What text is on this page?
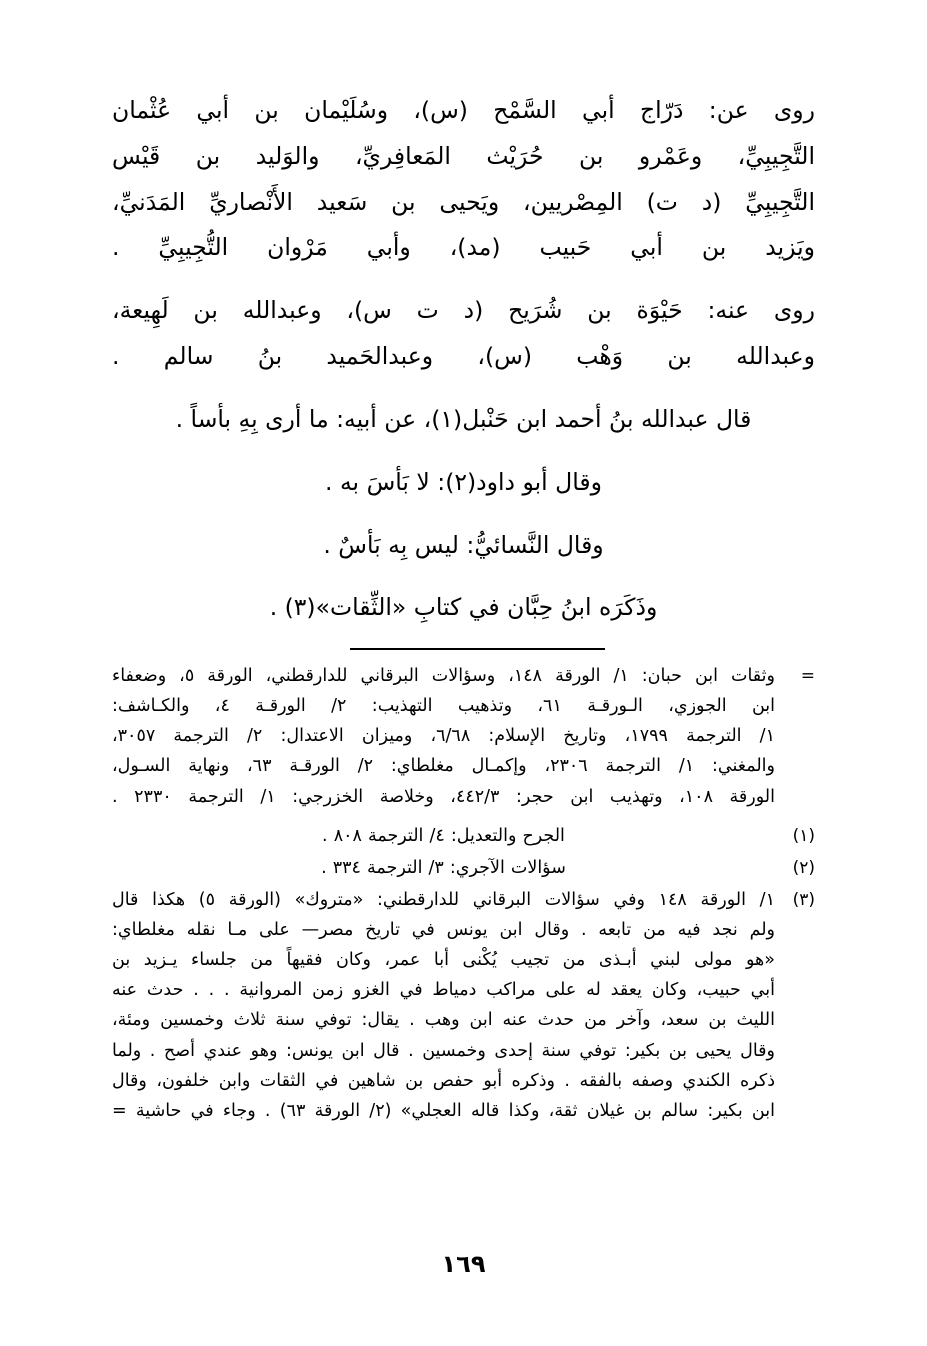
روى عن: دَرّاج أبي السَّمْح (س)، وسُلَيْمان بن أبي عُثْمان
التَّجِيبِيِّ، وعَمْرو بن حُرَيْث المَعافِريِّ، والوَليد بن قَيْس
التَّجِيبِيِّ (د ت) المِصْريين، ويَحيى بن سَعيد الأَنْصاريِّ المَدَنيِّ،
ويَزيد بن أبي حَبيب (مد)، وأبي مَرْوان التُّجِيبِيِّ .
روى عنه: حَيْوَة بن شُرَيح (د ت س)، وعبدالله بن لَهِيعة،
وعبدالله بن وَهْب (س)، وعبدالحَميد بنُ سالم .
قال عبدالله بنُ أحمد ابن حَنْبل(١)، عن أبيه: ما أرى بِهِ بأساً .
وقال أبو داود(٢): لا بَأسَ به .
وقال النَّسائيُّ: ليس بِه بَأسٌ .
وذَكَرَه ابنُ حِبَّان في كتابِ «الثِّقات»(٣) .
=
وثقات ابن حبان: ١/ الورقة ١٤٨، وسؤالات البرقاني للدارقطني، الورقة ٥، وضعفاء
ابن الجوزي، الـورقـة ٦١، وتذهيب التهذيب: ٢/ الورقـة ٤، والكـاشف:
١/ الترجمة ١٧٩٩، وتاريخ الإسلام: ٦/٦٨، وميزان الاعتدال: ٢/ الترجمة ٣٠٥٧،
والمغني: ١/ الترجمة ٢٣٠٦، وإكمـال مغلطاي: ٢/ الورقـة ٦٣، ونهاية السـول،
الورقة ١٠٨، وتهذيب ابن حجر: ٤٤٢/٣، وخلاصة الخزرجي: ١/ الترجمة ٢٣٣٠ .
(١)
الجرح والتعديل: ٤/ الترجمة ٨٠٨ .
(٢)
سؤالات الآجري: ٣/ الترجمة ٣٣٤ .
(٣)
١/ الورقة ١٤٨ وفي سؤالات البرقاني للدارقطني: «متروك» (الورقة ٥) هكذا قال
ولم نجد فيه من تابعه . وقال ابن يونس في تاريخ مصر— على مـا نقله مغلطاي:
«هو مولى لبني أبـذى من تجيب يُكْنى أبا عمر، وكان فقيهاً من جلساء يـزيد بن
أبي حبيب، وكان يعقد له على مراكب دمياط في الغزو زمن المروانية . . . حدث عنه
الليث بن سعد، وآخر من حدث عنه ابن وهب . يقال: توفي سنة ثلاث وخمسين ومئة،
وقال يحيى بن بكير: توفي سنة إحدى وخمسين . قال ابن يونس: وهو عندي أصح . ولما
ذكره الكندي وصفه بالفقه . وذكره أبو حفص بن شاهين في الثقات وابن خلفون، وقال
ابن بكير: سالم بن غيلان ثقة، وكذا قاله العجلي» (٢/ الورقة ٦٣) . وجاء في حاشية =
١٦٩
